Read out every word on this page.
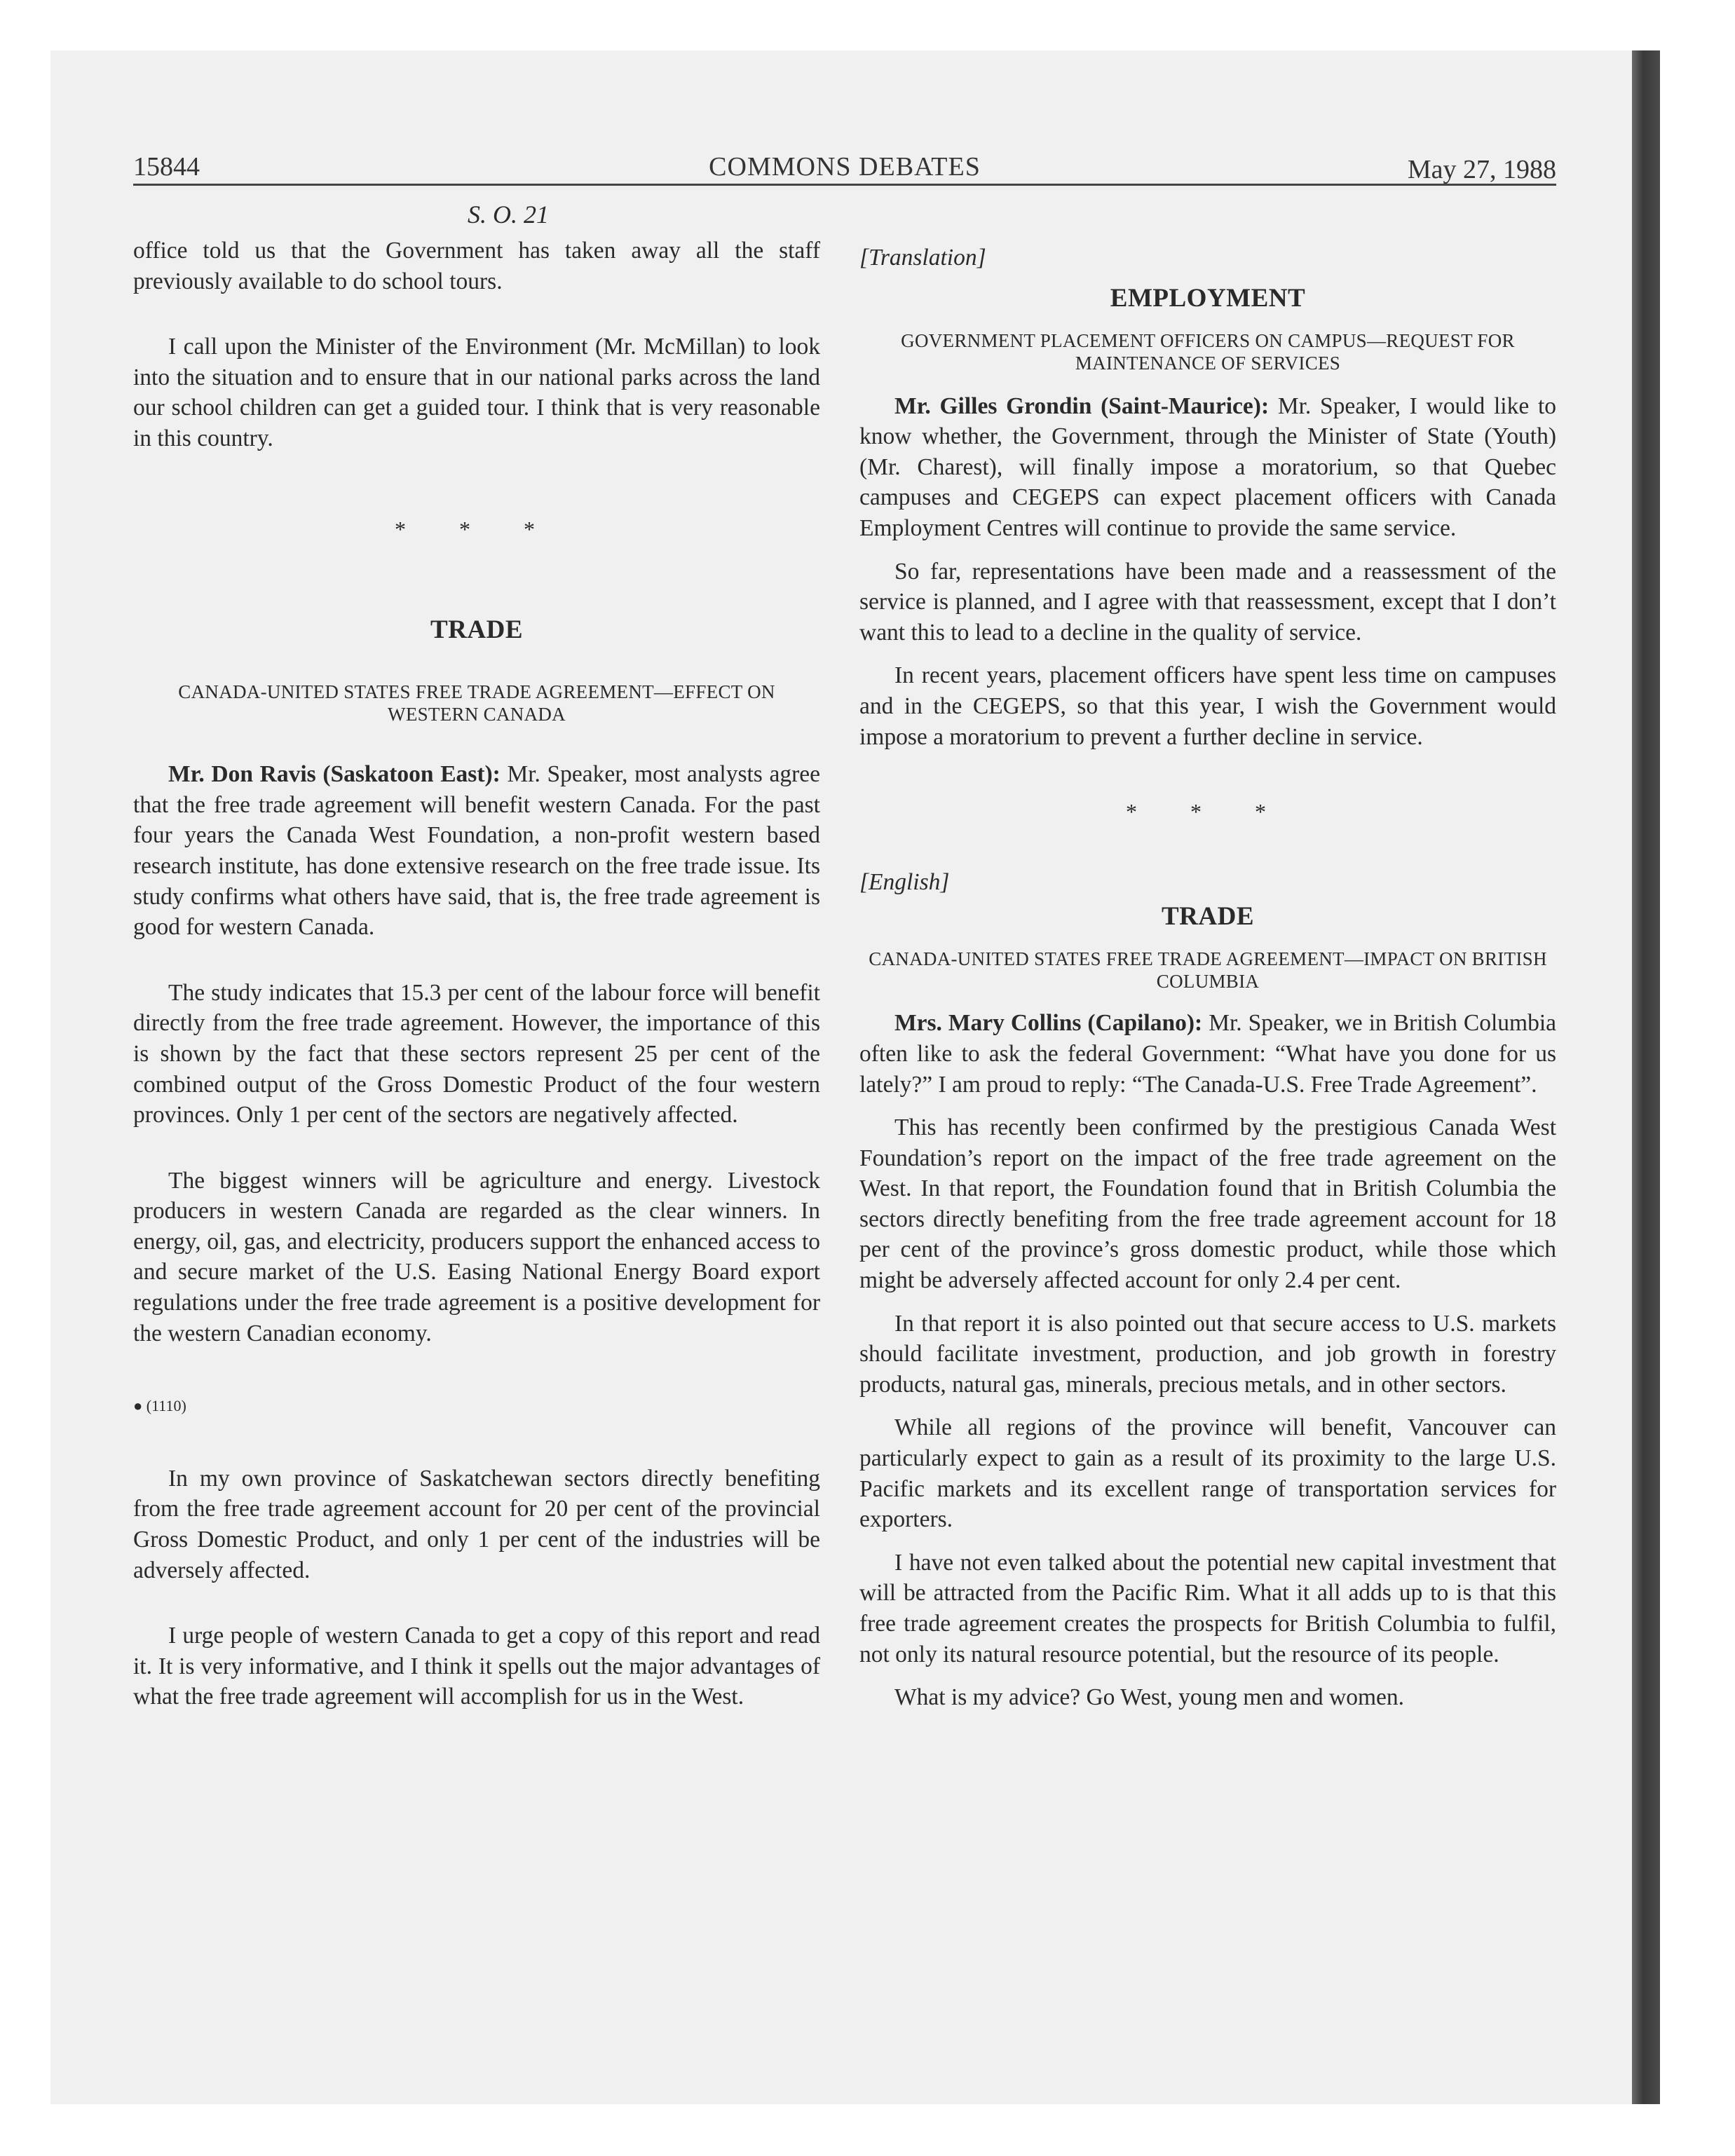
15844	COMMONS DEBATES	May 27, 1988

S. O. 21

office told us that the Government has taken away all the staff previously available to do school tours.

I call upon the Minister of the Environment (Mr. McMillan) to look into the situation and to ensure that in our national parks across the land our school children can get a guided tour. I think that is very reasonable in this country.

* * *

TRADE

CANADA-UNITED STATES FREE TRADE AGREEMENT—EFFECT ON WESTERN CANADA

Mr. Don Ravis (Saskatoon East): Mr. Speaker, most analysts agree that the free trade agreement will benefit western Canada. For the past four years the Canada West Foundation, a non-profit western based research institute, has done extensive research on the free trade issue. Its study confirms what others have said, that is, the free trade agreement is good for western Canada.

The study indicates that 15.3 per cent of the labour force will benefit directly from the free trade agreement. However, the importance of this is shown by the fact that these sectors represent 25 per cent of the combined output of the Gross Domestic Product of the four western provinces. Only 1 per cent of the sectors are negatively affected.

The biggest winners will be agriculture and energy. Livestock producers in western Canada are regarded as the clear winners. In energy, oil, gas, and electricity, producers support the enhanced access to and secure market of the U.S. Easing National Energy Board export regulations under the free trade agreement is a positive development for the western Canadian economy.

● (1110)

In my own province of Saskatchewan sectors directly benefiting from the free trade agreement account for 20 per cent of the provincial Gross Domestic Product, and only 1 per cent of the industries will be adversely affected.

I urge people of western Canada to get a copy of this report and read it. It is very informative, and I think it spells out the major advantages of what the free trade agreement will accomplish for us in the West.

[Translation]

EMPLOYMENT

GOVERNMENT PLACEMENT OFFICERS ON CAMPUS—REQUEST FOR MAINTENANCE OF SERVICES

Mr. Gilles Grondin (Saint-Maurice): Mr. Speaker, I would like to know whether, the Government, through the Minister of State (Youth) (Mr. Charest), will finally impose a moratorium, so that Quebec campuses and CEGEPS can expect placement officers with Canada Employment Centres will continue to provide the same service.

So far, representations have been made and a reassessment of the service is planned, and I agree with that reassessment, except that I don’t want this to lead to a decline in the quality of service.

In recent years, placement officers have spent less time on campuses and in the CEGEPS, so that this year, I wish the Government would impose a moratorium to prevent a further decline in service.

* * *

[English]

TRADE

CANADA-UNITED STATES FREE TRADE AGREEMENT—IMPACT ON BRITISH COLUMBIA

Mrs. Mary Collins (Capilano): Mr. Speaker, we in British Columbia often like to ask the federal Government: “What have you done for us lately?” I am proud to reply: “The Canada-U.S. Free Trade Agreement”.

This has recently been confirmed by the prestigious Canada West Foundation’s report on the impact of the free trade agreement on the West. In that report, the Foundation found that in British Columbia the sectors directly benefiting from the free trade agreement account for 18 per cent of the province’s gross domestic product, while those which might be adversely affected account for only 2.4 per cent.

In that report it is also pointed out that secure access to U.S. markets should facilitate investment, production, and job growth in forestry products, natural gas, minerals, precious metals, and in other sectors.

While all regions of the province will benefit, Vancouver can particularly expect to gain as a result of its proximity to the large U.S. Pacific markets and its excellent range of transportation services for exporters.

I have not even talked about the potential new capital investment that will be attracted from the Pacific Rim. What it all adds up to is that this free trade agreement creates the prospects for British Columbia to fulfil, not only its natural resource potential, but the resource of its people.

What is my advice? Go West, young men and women.
